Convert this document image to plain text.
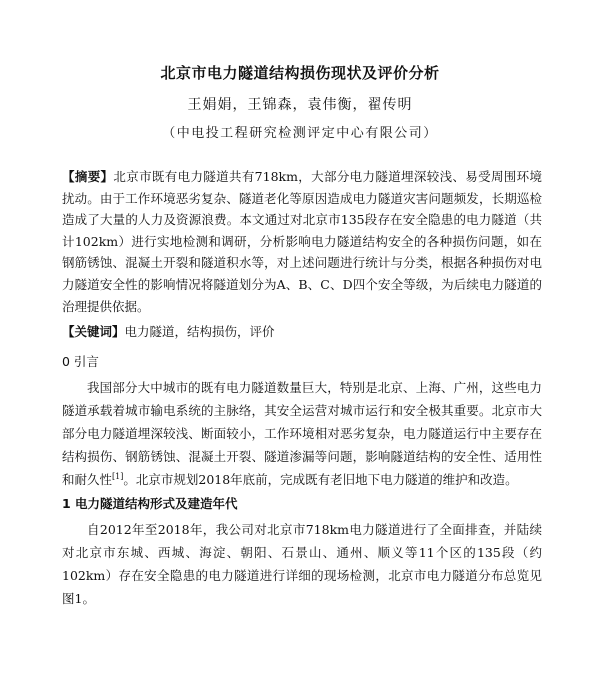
北京市电力隧道结构损伤现状及评价分析
王娟娟，王锦森，袁伟衡，翟传明
（中电投工程研究检测评定中心有限公司）
【摘要】北京市既有电力隧道共有718km，大部分电力隧道埋深较浅、易受周围环境扰动。由于工作环境恶劣复杂、隧道老化等原因造成电力隧道灾害问题频发，长期巡检造成了大量的人力及资源浪费。本文通过对北京市135段存在安全隐患的电力隧道（共计102km）进行实地检测和调研，分析影响电力隧道结构安全的各种损伤问题，如在钢筋锈蚀、混凝土开裂和隧道积水等，对上述问题进行统计与分类，根据各种损伤对电力隧道安全性的影响情况将隧道划分为A、B、C、D四个安全等级，为后续电力隧道的治理提供依据。
【关键词】电力隧道，结构损伤，评价
0 引言
我国部分大中城市的既有电力隧道数量巨大，特别是北京、上海、广州，这些电力隧道承载着城市输电系统的主脉络，其安全运营对城市运行和安全极其重要。北京市大部分电力隧道埋深较浅、断面较小，工作环境相对恶劣复杂，电力隧道运行中主要存在结构损伤、钢筋锈蚀、混凝土开裂、隧道渗漏等问题，影响隧道结构的安全性、适用性和耐久性[1]。北京市规划2018年底前，完成既有老旧地下电力隧道的维护和改造。
1 电力隧道结构形式及建造年代
自2012年至2018年，我公司对北京市718km电力隧道进行了全面排查，并陆续对北京市东城、西城、海淀、朝阳、石景山、通州、顺义等11个区的135段（约102km）存在安全隐患的电力隧道进行详细的现场检测，北京市电力隧道分布总览见图1。
